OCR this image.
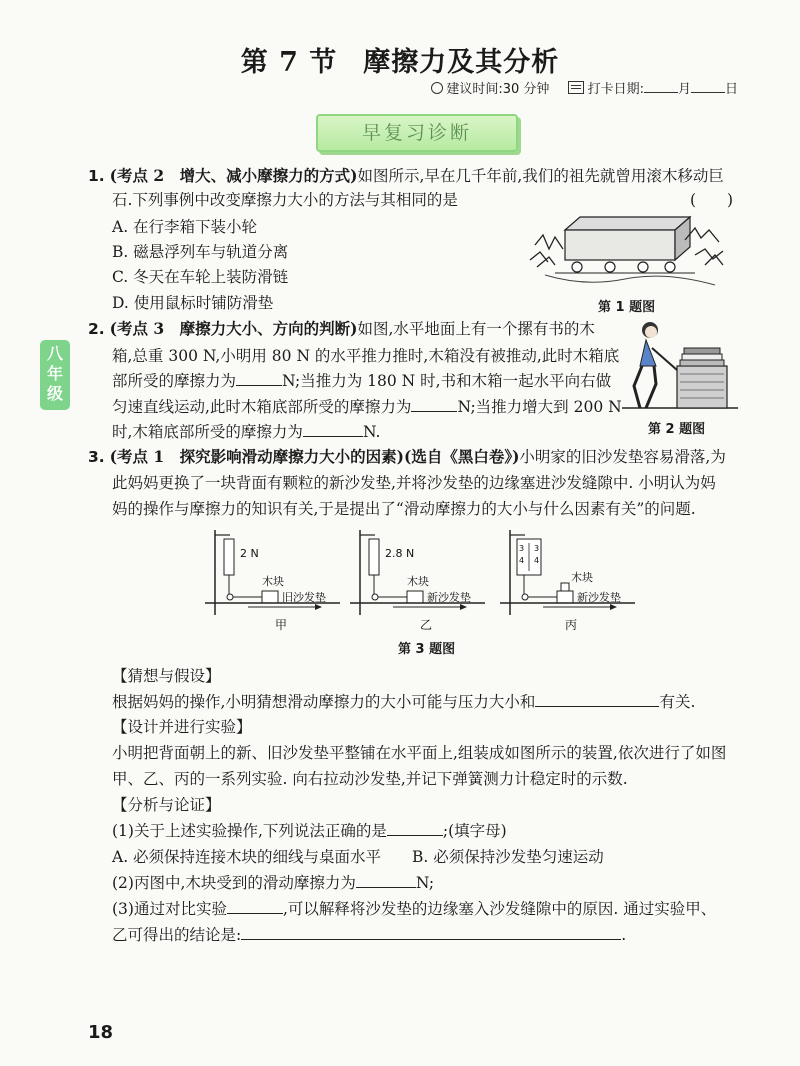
第 7 节 摩擦力及其分析
建议时间:30 分钟	打卡日期:	月	日
早复习诊断
八年级
1. (考点 2　增大、减小摩擦力的方式)如图所示,早在几千年前,我们的祖先就曾用滚木移动巨
石.下列事例中改变摩擦力大小的方法与其相同的是	(　　)
A. 在行李箱下装小轮
B. 磁悬浮列车与轨道分离
C. 冬天在车轮上装防滑链
D. 使用鼠标时铺防滑垫	第 1 题图
2. (考点 3　摩擦力大小、方向的判断)如图,水平地面上有一个摞有书的木
箱,总重 300 N,小明用 80 N 的水平推力推时,木箱没有被推动,此时木箱底
部所受的摩擦力为	N;当推力为 180 N 时,书和木箱一起水平向右做
匀速直线运动,此时木箱底部所受的摩擦力为	N;当推力增大到 200 N
时,木箱底部所受的摩擦力为	N.	第 2 题图
3. (考点 1　探究影响滑动摩擦力大小的因素)(选自《黑白卷》)小明家的旧沙发垫容易滑落,为
此妈妈更换了一块背面有颗粒的新沙发垫,并将沙发垫的边缘塞进沙发缝隙中. 小明认为妈
妈的操作与摩擦力的知识有关,于是提出了“滑动摩擦力的大小与什么因素有关”的问题.
2 N
木块
旧沙发垫
甲
2.8 N
木块
新沙发垫
乙
3
4
3
4
木块
新沙发垫
丙
第 3 题图
【猜想与假设】
根据妈妈的操作,小明猜想滑动摩擦力的大小可能与压力大小和	有关.
【设计并进行实验】
小明把背面朝上的新、旧沙发垫平整铺在水平面上,组装成如图所示的装置,依次进行了如图
甲、乙、丙的一系列实验. 向右拉动沙发垫,并记下弹簧测力计稳定时的示数.
【分析与论证】
(1)关于上述实验操作,下列说法正确的是	;(填字母)
A. 必须保持连接木块的细线与桌面水平 B. 必须保持沙发垫匀速运动
(2)丙图中,木块受到的滑动摩擦力为	N;
(3)通过对比实验	,可以解释将沙发垫的边缘塞入沙发缝隙中的原因. 通过实验甲、
乙可得出的结论是:	.
18
